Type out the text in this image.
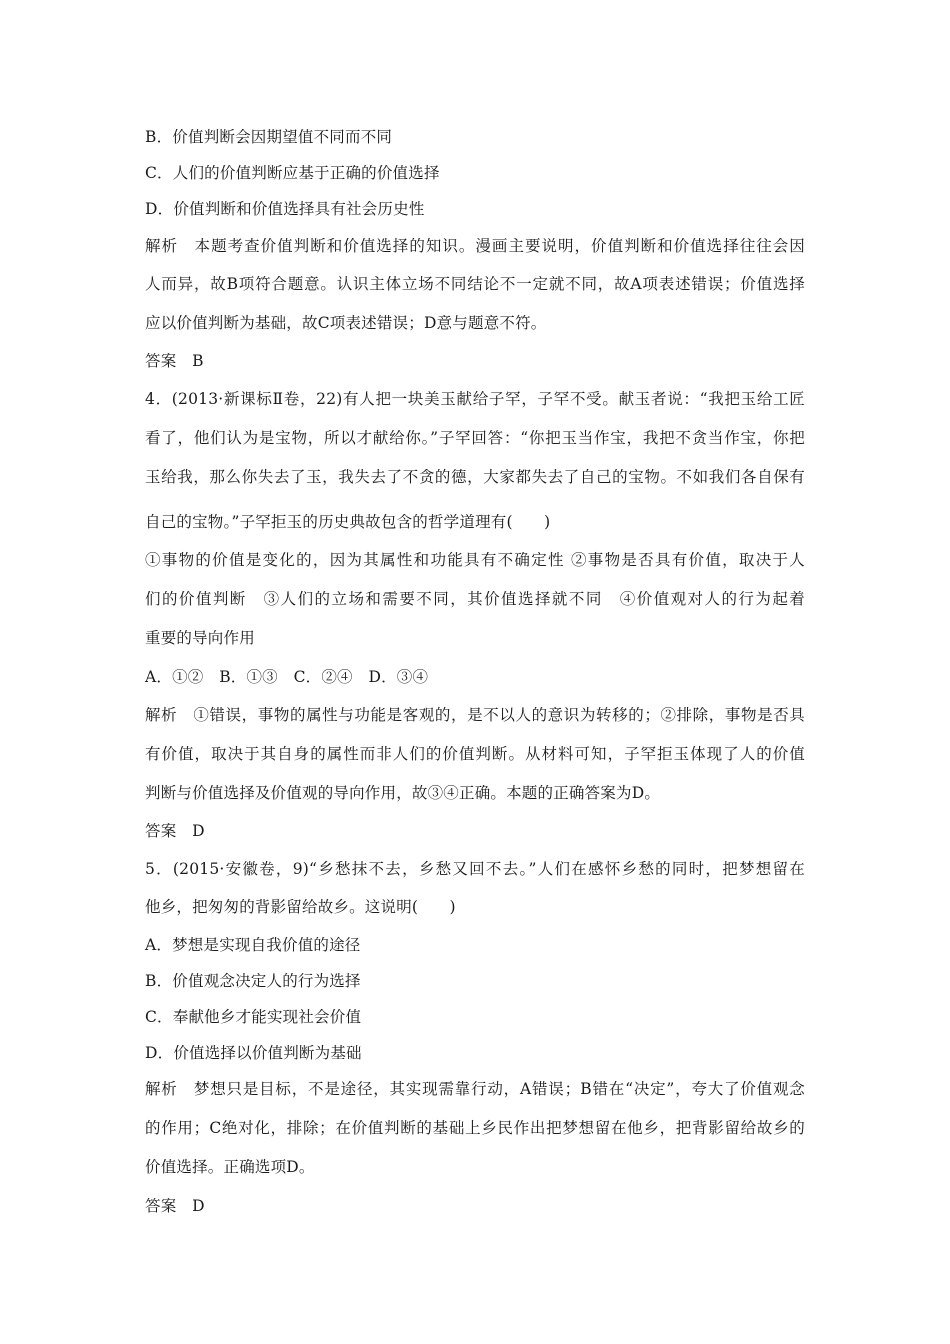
B．价值判断会因期望值不同而不同
C．人们的价值判断应基于正确的价值选择
D．价值判断和价值选择具有社会历史性
解析　本题考查价值判断和价值选择的知识。漫画主要说明，价值判断和价值选择往往会因
人而异，故B项符合题意。认识主体立场不同结论不一定就不同，故A项表述错误；价值选择
应以价值判断为基础，故C项表述错误；D意与题意不符。
答案　B
4．(2013·新课标Ⅱ卷，22)有人把一块美玉献给子罕，子罕不受。献玉者说：“我把玉给工匠
看了，他们认为是宝物，所以才献给你。”子罕回答：“你把玉当作宝，我把不贪当作宝，你把
玉给我，那么你失去了玉，我失去了不贪的德，大家都失去了自己的宝物。不如我们各自保有
自己的宝物。”子罕拒玉的历史典故包含的哲学道理有(　　)
①事物的价值是变化的，因为其属性和功能具有不确定性 ②事物是否具有价值，取决于人
们的价值判断　③人们的立场和需要不同，其价值选择就不同　④价值观对人的行为起着
重要的导向作用
A．①②　B．①③　C．②④　D．③④
解析　①错误，事物的属性与功能是客观的，是不以人的意识为转移的；②排除，事物是否具
有价值，取决于其自身的属性而非人们的价值判断。从材料可知，子罕拒玉体现了人的价值
判断与价值选择及价值观的导向作用，故③④正确。本题的正确答案为D。
答案　D
5．(2015·安徽卷，9)“乡愁抹不去，乡愁又回不去。”人们在感怀乡愁的同时，把梦想留在
他乡，把匆匆的背影留给故乡。这说明(　　)
A．梦想是实现自我价值的途径
B．价值观念决定人的行为选择
C．奉献他乡才能实现社会价值
D．价值选择以价值判断为基础
解析　梦想只是目标，不是途径，其实现需靠行动，A错误；B错在“决定”，夸大了价值观念
的作用；C绝对化，排除；在价值判断的基础上乡民作出把梦想留在他乡，把背影留给故乡的
价值选择。正确选项D。
答案　D
